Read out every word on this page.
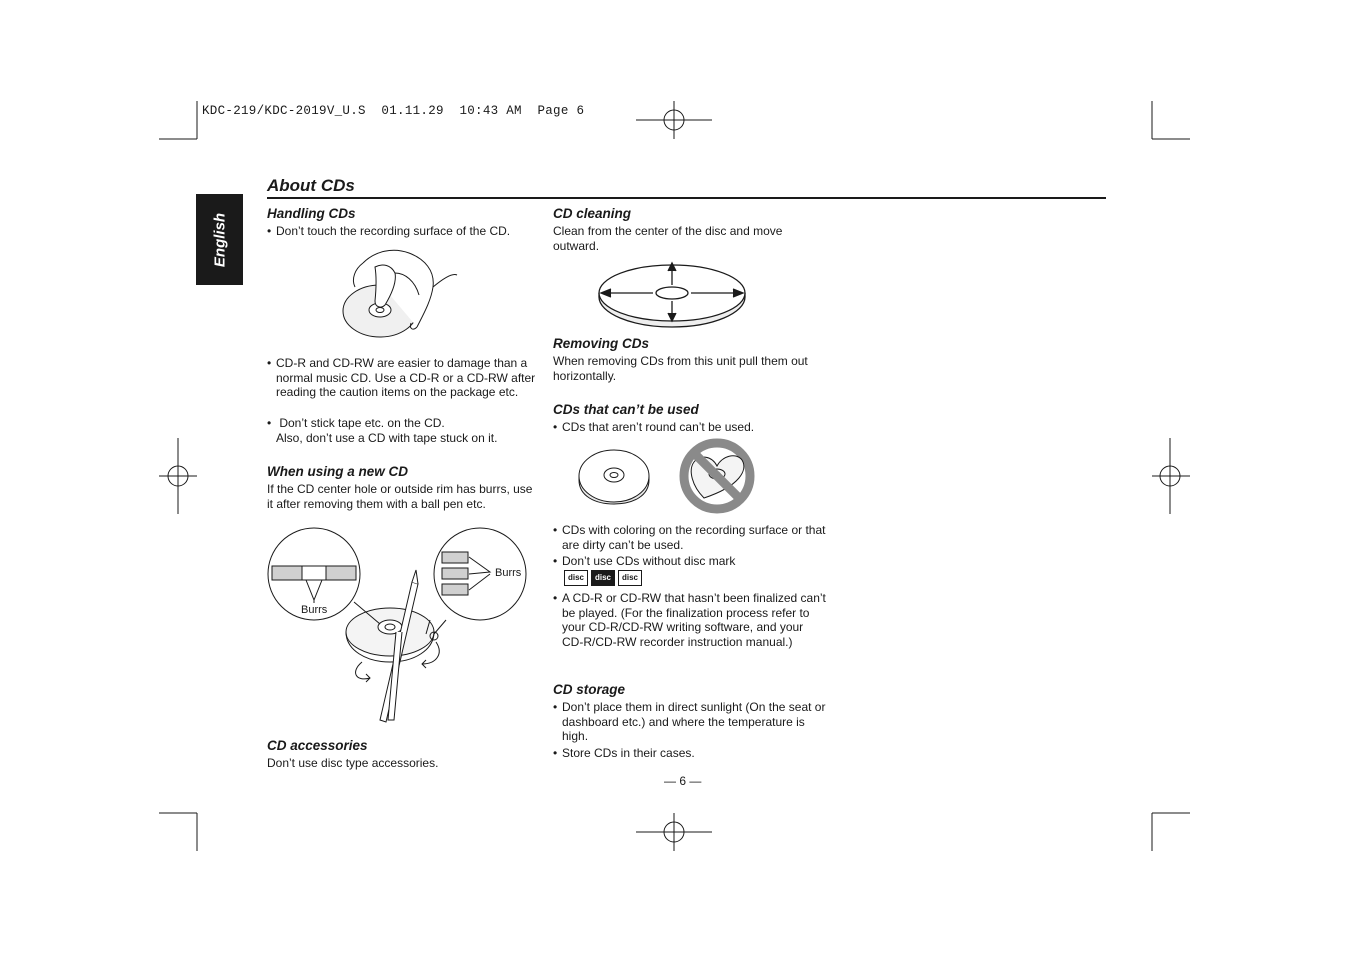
KDC-219/KDC-2019V_U.S  01.11.29  10:43 AM  Page 6
English
About CDs
Handling CDs
• Don’t touch the recording surface of the CD.
• CD-R and CD-RW are easier to damage than a normal music CD. Use a CD-R or a CD-RW after reading the caution items on the package etc.
• Don’t stick tape etc. on the CD.
Also, don’t use a CD with tape stuck on it.
When using a new CD
If the CD center hole or outside rim has burrs, use it after removing them with a ball pen etc.
Burrs
Burrs
CD accessories
Don’t use disc type accessories.
CD cleaning
Clean from the center of the disc and move outward.
Removing CDs
When removing CDs from this unit pull them out horizontally.
CDs that can’t be used
• CDs that aren’t round can’t be used.
• CDs with coloring on the recording surface or that are dirty can’t be used.
• Don’t use CDs without disc mark
disc	disc	disc
• A CD-R or CD-RW that hasn’t been finalized can’t be played. (For the finalization process refer to your CD-R/CD-RW writing software, and your CD-R/CD-RW recorder instruction manual.)
CD storage
• Don’t place them in direct sunlight (On the seat or dashboard etc.) and where the temperature is high.
• Store CDs in their cases.
— 6 —
